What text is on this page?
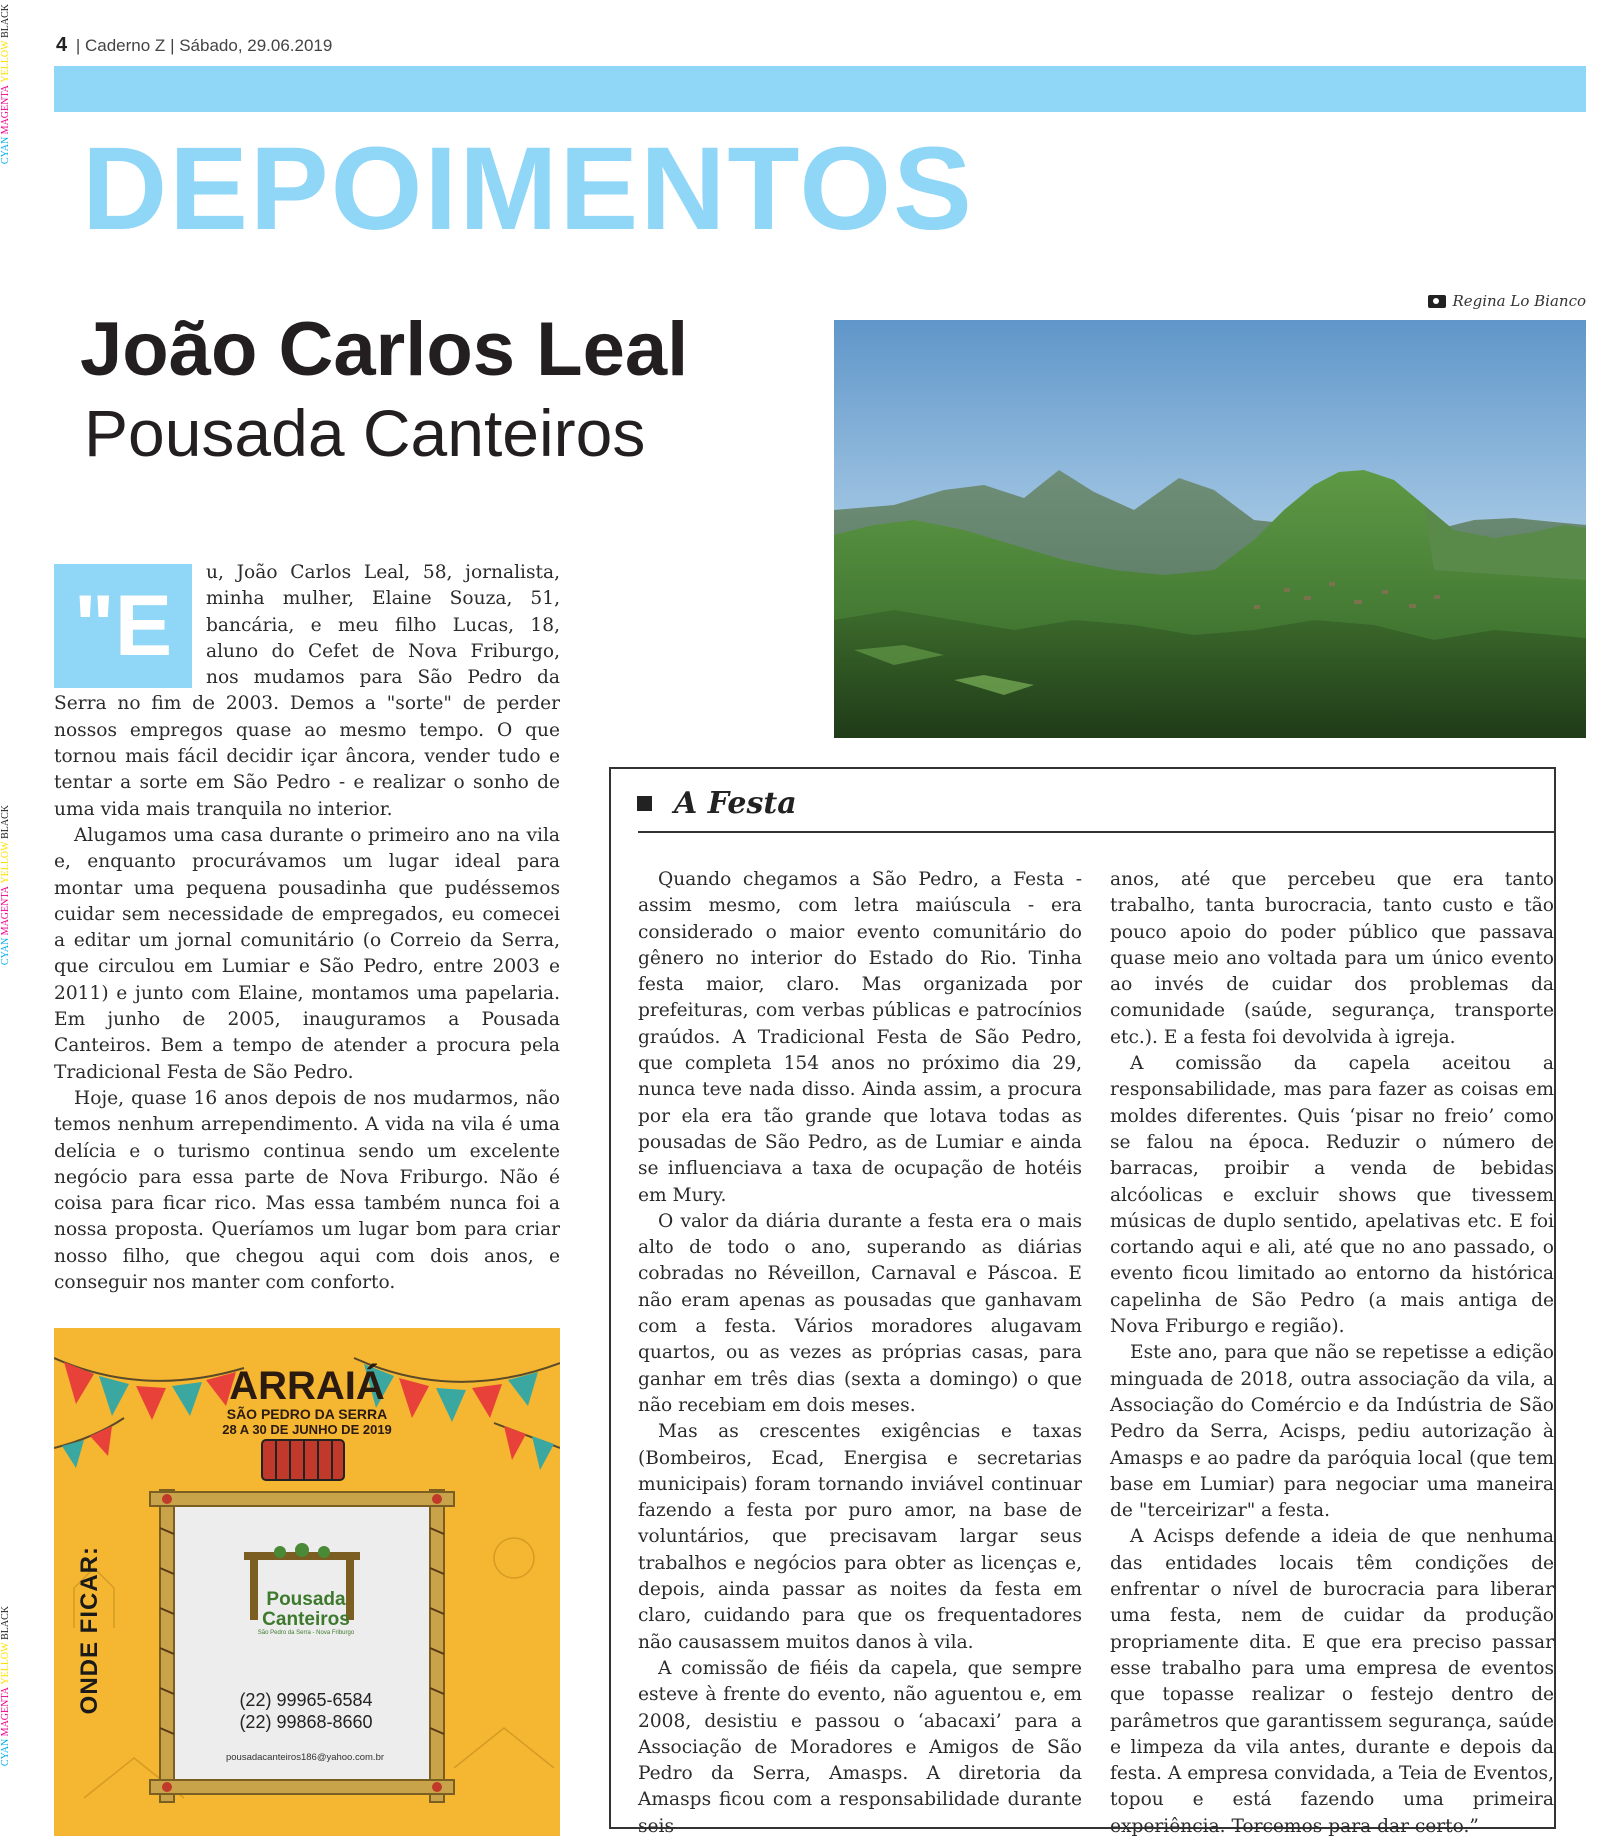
CYAN MAGENTA YELLOW BLACK
CYAN MAGENTA YELLOW BLACK
CYAN MAGENTA YELLOW BLACK
4 | Caderno Z | Sábado, 29.06.2019
DEPOIMENTOS
João Carlos Leal
Pousada Canteiros
Regina Lo Bianco
"E

u, João Carlos Leal, 58, jornalista, minha mulher, Elaine Souza, 51, bancária, e meu filho Lucas, 18, aluno do Cefet de Nova Friburgo, nos mudamos para São Pedro da Serra no fim de 2003. Demos a "sorte" de perder nossos empregos quase ao mesmo tempo. O que tornou mais fácil decidir içar âncora, vender tudo e tentar a sorte em São Pedro - e realizar o sonho de uma vida mais tranquila no interior.

Alugamos uma casa durante o primeiro ano na vila e, enquanto procurávamos um lugar ideal para montar uma pequena pousadinha que pudéssemos cuidar sem necessidade de empregados, eu comecei a editar um jornal comunitário (o Correio da Serra, que circulou em Lumiar e São Pedro, entre 2003 e 2011) e junto com Elaine, montamos uma papelaria. Em junho de 2005, inauguramos a Pousada Canteiros. Bem a tempo de atender a procura pela Tradicional Festa de São Pedro.

Hoje, quase 16 anos depois de nos mudarmos, não temos nenhum arrependimento. A vida na vila é uma delícia e o turismo continua sendo um excelente negócio para essa parte de Nova Friburgo. Não é coisa para ficar rico. Mas essa também nunca foi a nossa proposta. Queríamos um lugar bom para criar nosso filho, que chegou aqui com dois anos, e conseguir nos manter com conforto.

A Festa

Quando chegamos a São Pedro, a Festa - assim mesmo, com letra maiúscula - era considerado o maior evento comunitário do gênero no interior do Estado do Rio. Tinha festa maior, claro. Mas organizada por prefeituras, com verbas públicas e patrocínios graúdos. A Tradicional Festa de São Pedro, que completa 154 anos no próximo dia 29, nunca teve nada disso. Ainda assim, a procura por ela era tão grande que lotava todas as pousadas de São Pedro, as de Lumiar e ainda se influenciava a taxa de ocupação de hotéis em Mury.

O valor da diária durante a festa era o mais alto de todo o ano, superando as diárias cobradas no Réveillon, Carnaval e Páscoa. E não eram apenas as pousadas que ganhavam com a festa. Vários moradores alugavam quartos, ou as vezes as próprias casas, para ganhar em três dias (sexta a domingo) o que não recebiam em dois meses.

Mas as crescentes exigências e taxas (Bombeiros, Ecad, Energisa e secretarias municipais) foram tornando inviável continuar fazendo a festa por puro amor, na base de voluntários, que precisavam largar seus trabalhos e negócios para obter as licenças e, depois, ainda passar as noites da festa em claro, cuidando para que os frequentadores não causassem muitos danos à vila.

A comissão de fiéis da capela, que sempre esteve à frente do evento, não aguentou e, em 2008, desistiu e passou o ‘abacaxi’ para a Associação de Moradores e Amigos de São Pedro da Serra, Amasps. A diretoria da Amasps ficou com a responsabilidade durante seis

anos, até que percebeu que era tanto trabalho, tanta burocracia, tanto custo e tão pouco apoio do poder público que passava quase meio ano voltada para um único evento ao invés de cuidar dos problemas da comunidade (saúde, segurança, transporte etc.). E a festa foi devolvida à igreja.

A comissão da capela aceitou a responsabilidade, mas para fazer as coisas em moldes diferentes. Quis ‘pisar no freio’ como se falou na época. Reduzir o número de barracas, proibir a venda de bebidas alcóolicas e excluir shows que tivessem músicas de duplo sentido, apelativas etc. E foi cortando aqui e ali, até que no ano passado, o evento ficou limitado ao entorno da histórica capelinha de São Pedro (a mais antiga de Nova Friburgo e região).

Este ano, para que não se repetisse a edição minguada de 2018, outra associação da vila, a Associação do Comércio e da Indústria de São Pedro da Serra, Acisps, pediu autorização à Amasps e ao padre da paróquia local (que tem base em Lumiar) para negociar uma maneira de "terceirizar" a festa.

A Acisps defende a ideia de que nenhuma das entidades locais têm condições de enfrentar o nível de burocracia para liberar uma festa, nem de cuidar da produção propriamente dita. E que era preciso passar esse trabalho para uma empresa de eventos que topasse realizar o festejo dentro de parâmetros que garantissem segurança, saúde e limpeza da vila antes, durante e depois da festa. A empresa convidada, a Teia de Eventos, topou e está fazendo uma primeira experiência. Torcemos para dar certo.”

ARRAIÁ
SÃO PEDRO DA SERRA
28 A 30 DE JUNHO DE 2019
Pousada
Canteiros
São Pedro da Serra - Nova Friburgo
(22) 99965-6584
(22) 99868-8660
pousadacanteiros186@yahoo.com.br
ONDE FICAR:
